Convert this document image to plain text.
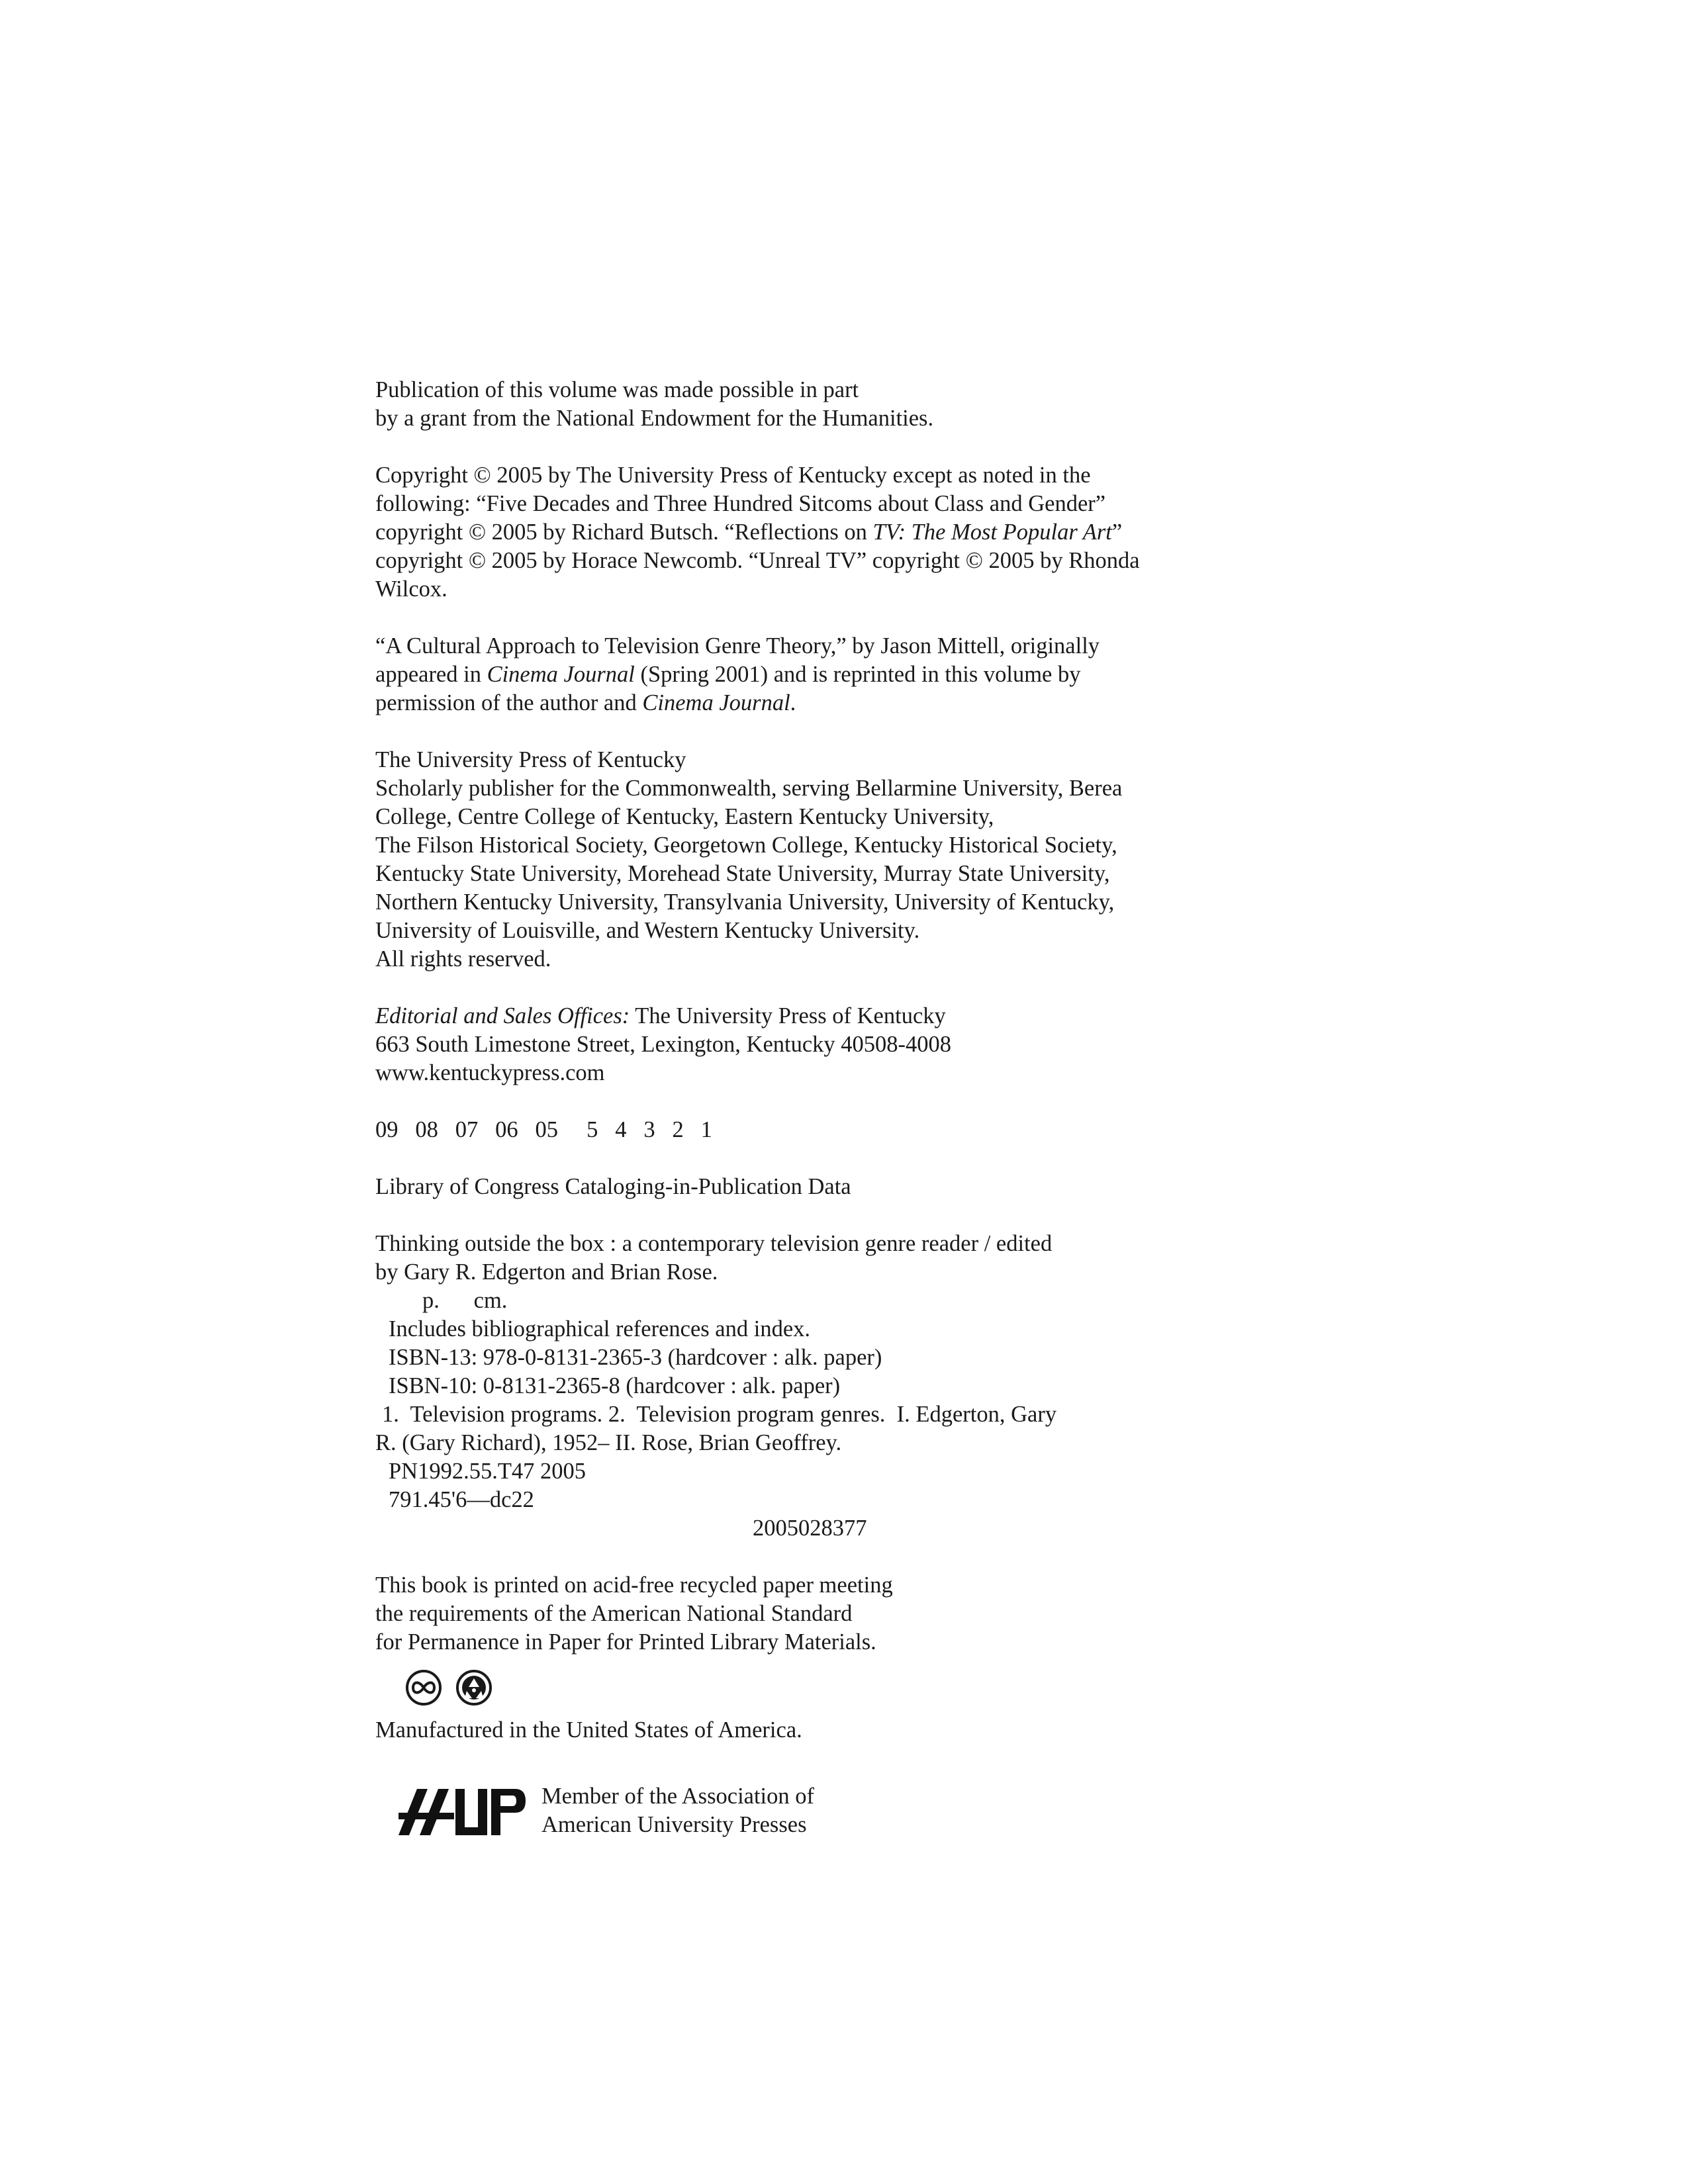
Publication of this volume was made possible in part
by a grant from the National Endowment for the Humanities.
Copyright © 2005 by The University Press of Kentucky except as noted in the
following: “Five Decades and Three Hundred Sitcoms about Class and Gender”
copyright © 2005 by Richard Butsch. “Reflections on TV: The Most Popular Art”
copyright © 2005 by Horace Newcomb. “Unreal TV” copyright © 2005 by Rhonda
Wilcox.
“A Cultural Approach to Television Genre Theory,” by Jason Mittell, originally
appeared in Cinema Journal (Spring 2001) and is reprinted in this volume by
permission of the author and Cinema Journal.
The University Press of Kentucky
Scholarly publisher for the Commonwealth, serving Bellarmine University, Berea
College, Centre College of Kentucky, Eastern Kentucky University,
The Filson Historical Society, Georgetown College, Kentucky Historical Society,
Kentucky State University, Morehead State University, Murray State University,
Northern Kentucky University, Transylvania University, University of Kentucky,
University of Louisville, and Western Kentucky University.
All rights reserved.
Editorial and Sales Offices: The University Press of Kentucky
663 South Limestone Street, Lexington, Kentucky 40508-4008
www.kentuckypress.com
09   08   07   06   05     5   4   3   2   1
Library of Congress Cataloging-in-Publication Data
Thinking outside the box : a contemporary television genre reader / edited
by Gary R. Edgerton and Brian Rose.
p.      cm.
Includes bibliographical references and index.
ISBN-13: 978-0-8131-2365-3 (hardcover : alk. paper)
ISBN-10: 0-8131-2365-8 (hardcover : alk. paper)
1.  Television programs. 2.  Television program genres.  I. Edgerton, Gary
R. (Gary Richard), 1952– II. Rose, Brian Geoffrey.
PN1992.55.T47 2005
791.45'6—dc22
2005028377
This book is printed on acid-free recycled paper meeting
the requirements of the American National Standard
for Permanence in Paper for Printed Library Materials.
Manufactured in the United States of America.
Member of the Association of
American University Presses
